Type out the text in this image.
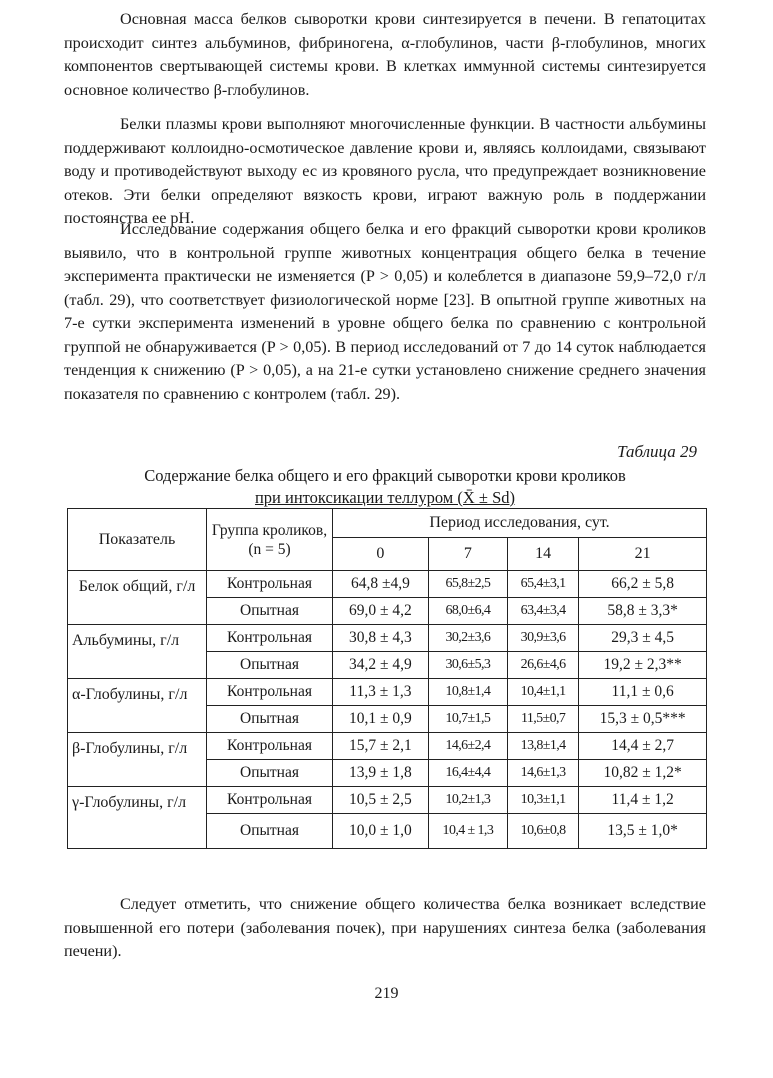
Основная масса белков сыворотки крови синтезируется в печени. В гепатоцитах происходит синтез альбуминов, фибриногена, α-глобулинов, части β-глобулинов, многих компонентов свертывающей системы крови. В клетках иммунной системы синтезируется основное количество β-глобулинов.

Белки плазмы крови выполняют многочисленные функции. В частности альбумины поддерживают коллоидно-осмотическое давление крови и, являясь коллоидами, связывают воду и противодействуют выходу ес из кровяного русла, что предупреждает возникновение отеков. Эти белки определяют вязкость крови, играют важную роль в поддержании постоянства ее pH.

Исследование содержания общего белка и его фракций сыворотки крови кроликов выявило, что в контрольной группе животных концентрация общего белка в течение эксперимента практически не изменяется (P > 0,05) и колеблется в диапазоне 59,9–72,0 г/л (табл. 29), что соответствует физиологической норме [23]. В опытной группе животных на 7-е сутки эксперимента изменений в уровне общего белка по сравнению с контрольной группой не обнаруживается (P > 0,05). В период исследований от 7 до 14 суток наблюдается тенденция к снижению (P > 0,05), а на 21-е сутки установлено снижение среднего значения показателя по сравнению с контролем (табл. 29).

Таблица 29
Содержание белка общего и его фракций сыворотки крови кроликов
при интоксикации теллуром (X̄ ± Sd)
Показатель	Группа кроликов, (n = 5)	Период исследования, сут.			
		0	7	14	21
Белок общий, г/л	Контрольная	64,8 ±4,9	65,8±2,5	65,4±3,1	66,2 ± 5,8
	Опытная	69,0 ± 4,2	68,0±6,4	63,4±3,4	58,8 ± 3,3*
Альбумины, г/л	Контрольная	30,8 ± 4,3	30,2±3,6	30,9±3,6	29,3 ± 4,5
	Опытная	34,2 ± 4,9	30,6±5,3	26,6±4,6	19,2 ± 2,3**
α-Глобулины, г/л	Контрольная	11,3 ± 1,3	10,8±1,4	10,4±1,1	11,1 ± 0,6
	Опытная	10,1 ± 0,9	10,7±1,5	11,5±0,7	15,3 ± 0,5***
β-Глобулины, г/л	Контрольная	15,7 ± 2,1	14,6±2,4	13,8±1,4	14,4 ± 2,7
	Опытная	13,9 ± 1,8	16,4±4,4	14,6±1,3	10,82 ± 1,2*
γ-Глобулины, г/л	Контрольная	10,5 ± 2,5	10,2±1,3	10,3±1,1	11,4 ± 1,2
	Опытная	10,0 ± 1,0	10,4 ± 1,3	10,6±0,8	13,5 ± 1,0*

Следует отметить, что снижение общего количества белка возникает вследствие повышенной его потери (заболевания почек), при нарушениях синтеза белка (заболевания печени).

219
